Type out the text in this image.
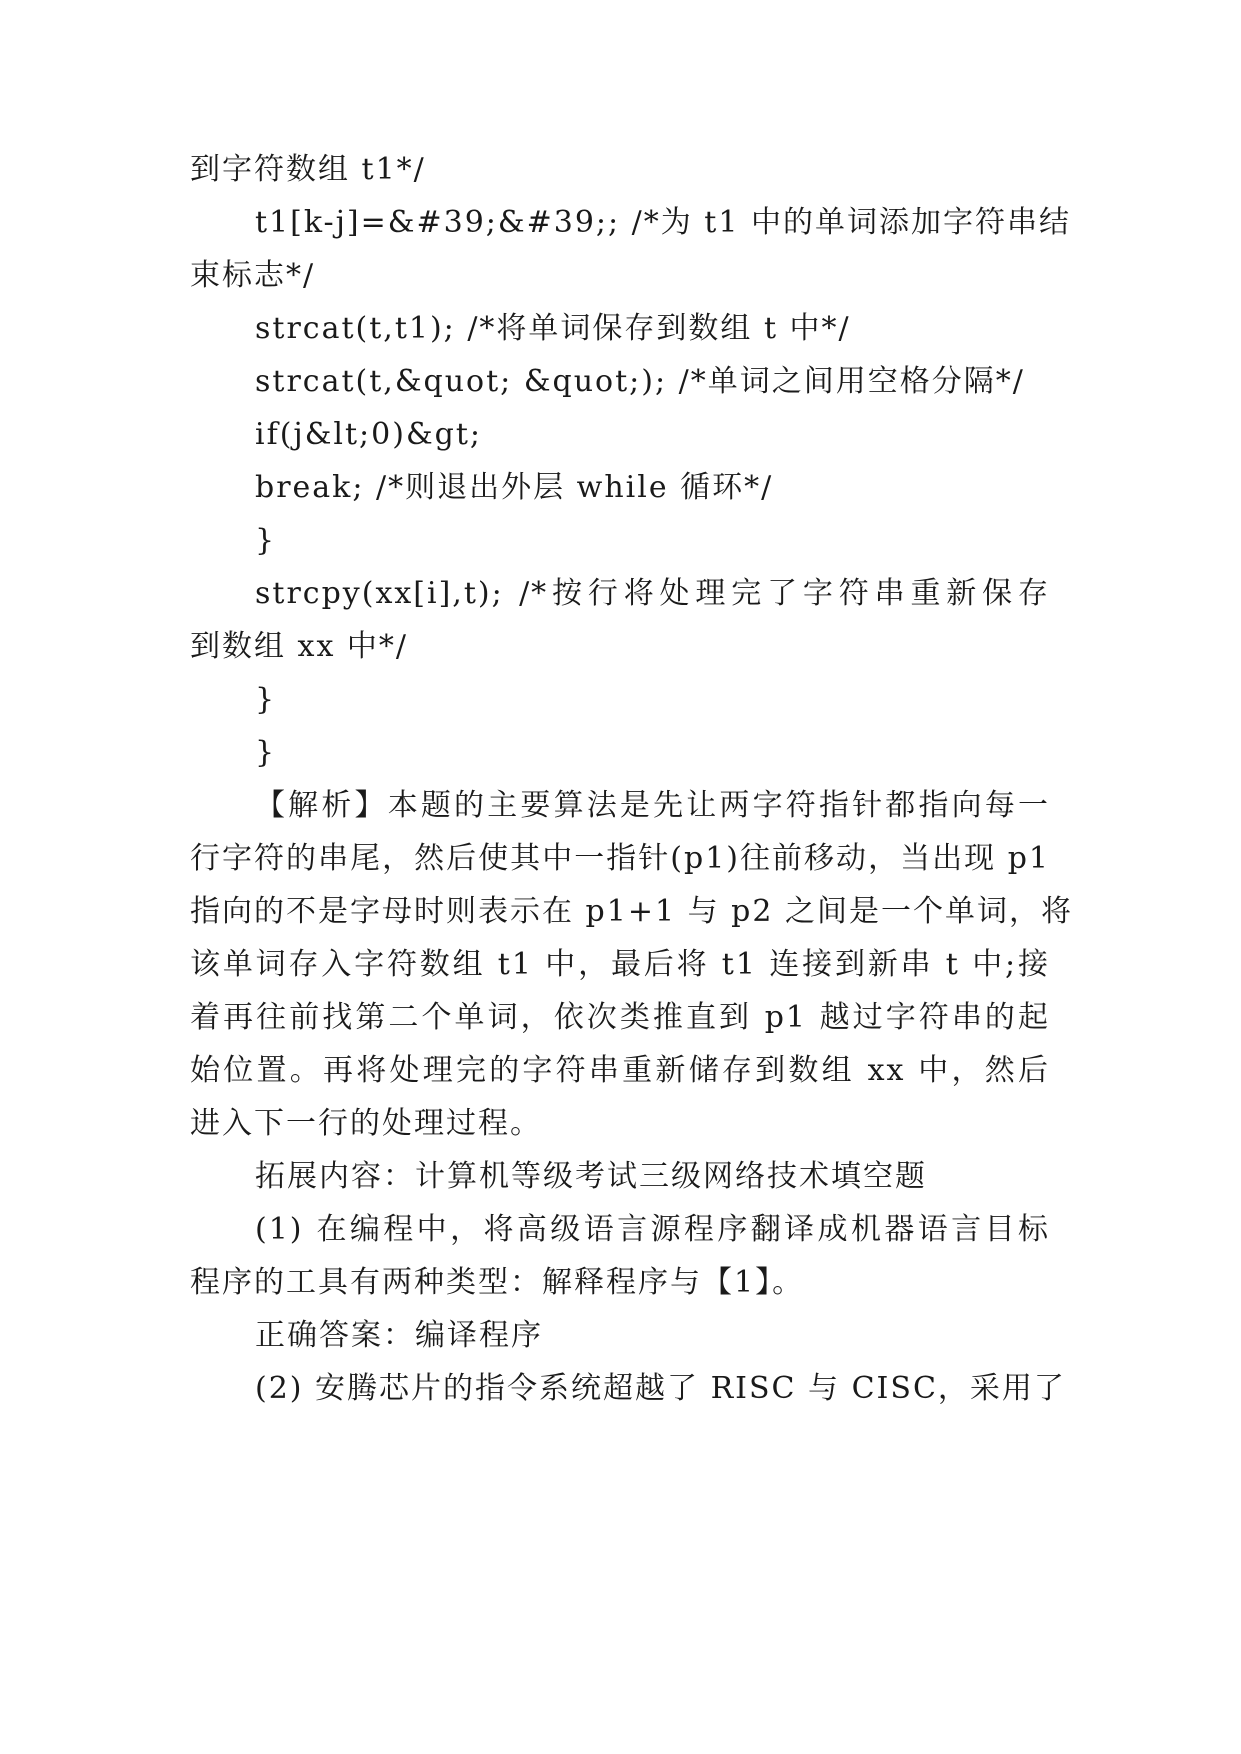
到字符数组 t1*/
t1[k-j]=&#39;&#39;; /*为 t1 中的单词添加字符串结
束标志*/
strcat(t,t1); /*将单词保存到数组 t 中*/
strcat(t,&quot; &quot;); /*单词之间用空格分隔*/
if(j&lt;0)&gt;
break; /*则退出外层 while 循环*/
}
strcpy(xx[i],t); /*按行将处理完了字符串重新保存
到数组 xx 中*/
}
}
【解析】本题的主要算法是先让两字符指针都指向每一
行字符的串尾，然后使其中一指针(p1)往前移动，当出现 p1
指向的不是字母时则表示在 p1+1 与 p2 之间是一个单词，将
该单词存入字符数组 t1 中，最后将 t1 连接到新串 t 中;接
着再往前找第二个单词，依次类推直到 p1 越过字符串的起
始位置。再将处理完的字符串重新储存到数组 xx 中，然后
进入下一行的处理过程。
拓展内容：计算机等级考试三级网络技术填空题
(1) 在编程中，将高级语言源程序翻译成机器语言目标
程序的工具有两种类型：解释程序与【1】。
正确答案：编译程序
(2) 安腾芯片的指令系统超越了 RISC 与 CISC，采用了
